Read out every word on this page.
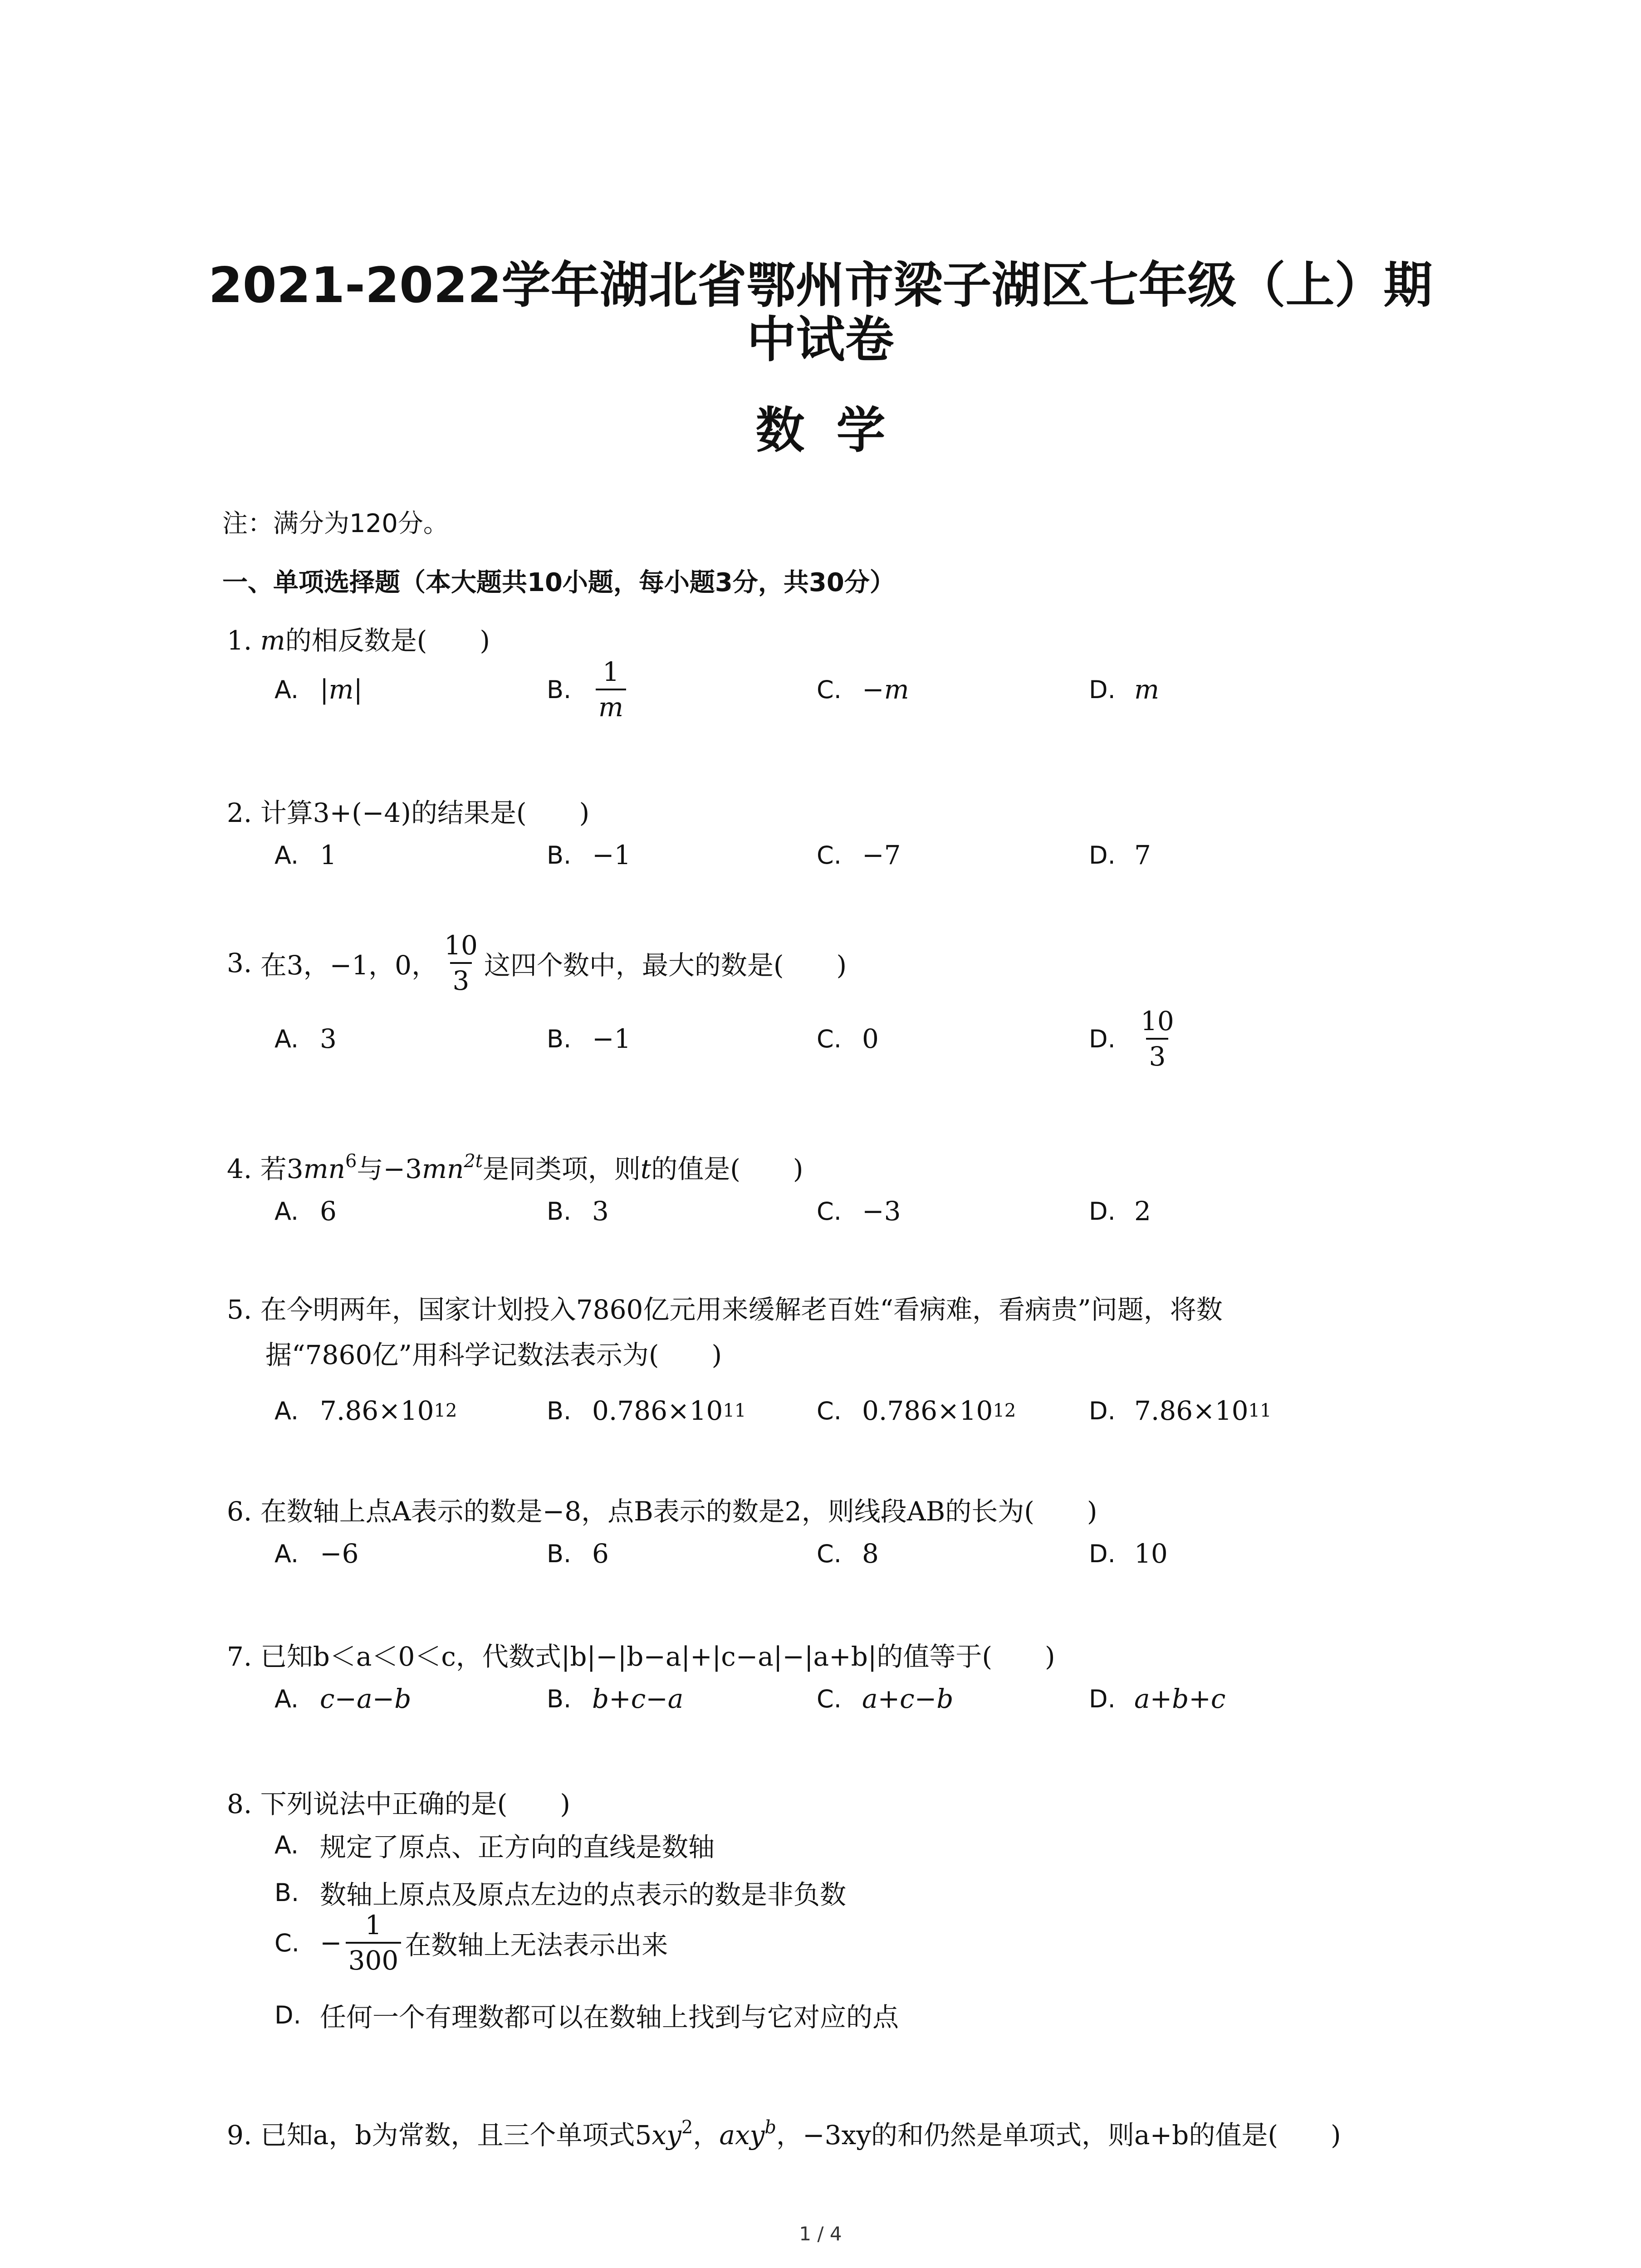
2021-2022学年湖北省鄂州市梁子湖区七年级（上）期
中试卷
数学
注：满分为120分。
一、单项选择题（本大题共10小题，每小题3分，共30分）
1. m的相反数是(　　)
A. |m|	B. $\frac{1}{m}$	C. −m	D. m
2. 计算3+(−4)的结果是(　　)
A. 1	B. −1	C. −7	D. 7
3.
在3，−1，0， $\frac{10}{3}$ 这四个数中，最大的数是(　　)
A. 3	B. −1	C. 0	D. $\frac{10}{3}$
4. 若$3mn^6$与$-3mn^{2t}$是同类项，则t的值是(　　)
A. 6	B. 3	C. −3	D. 2
5. 在今明两年，国家计划投入7860亿元用来缓解老百姓“看病难，看病贵”问题，将数
据“7860亿”用科学记数法表示为(　　)
A. 7.86×10 12	B. 0.786×10 11	C. 0.786×10 12	D. 7.86×10 11
6. 在数轴上点A表示的数是−8，点B表示的数是2，则线段AB的长为(　　)
A. −6	B. 6	C. 8	D. 10
7. 已知b＜a＜0＜c，代数式|b|−|b−a|+|c−a|−|a+b|的值等于(　　)
A. c−a−b	B. b+c−a	C. a+c−b	D. a+b+c
8. 下列说法中正确的是(　　)
A. 规定了原点、正方向的直线是数轴
B. 数轴上原点及原点左边的点表示的数是非负数
C. − $\frac{1}{300}$ 在数轴上无法表示出来
D. 任何一个有理数都可以在数轴上找到与它对应的点
9. 已知a，b为常数，且三个单项式$5xy^2$，axy$^b$，−3xy的和仍然是单项式，则a+b的值是(　　)
1 / 4
